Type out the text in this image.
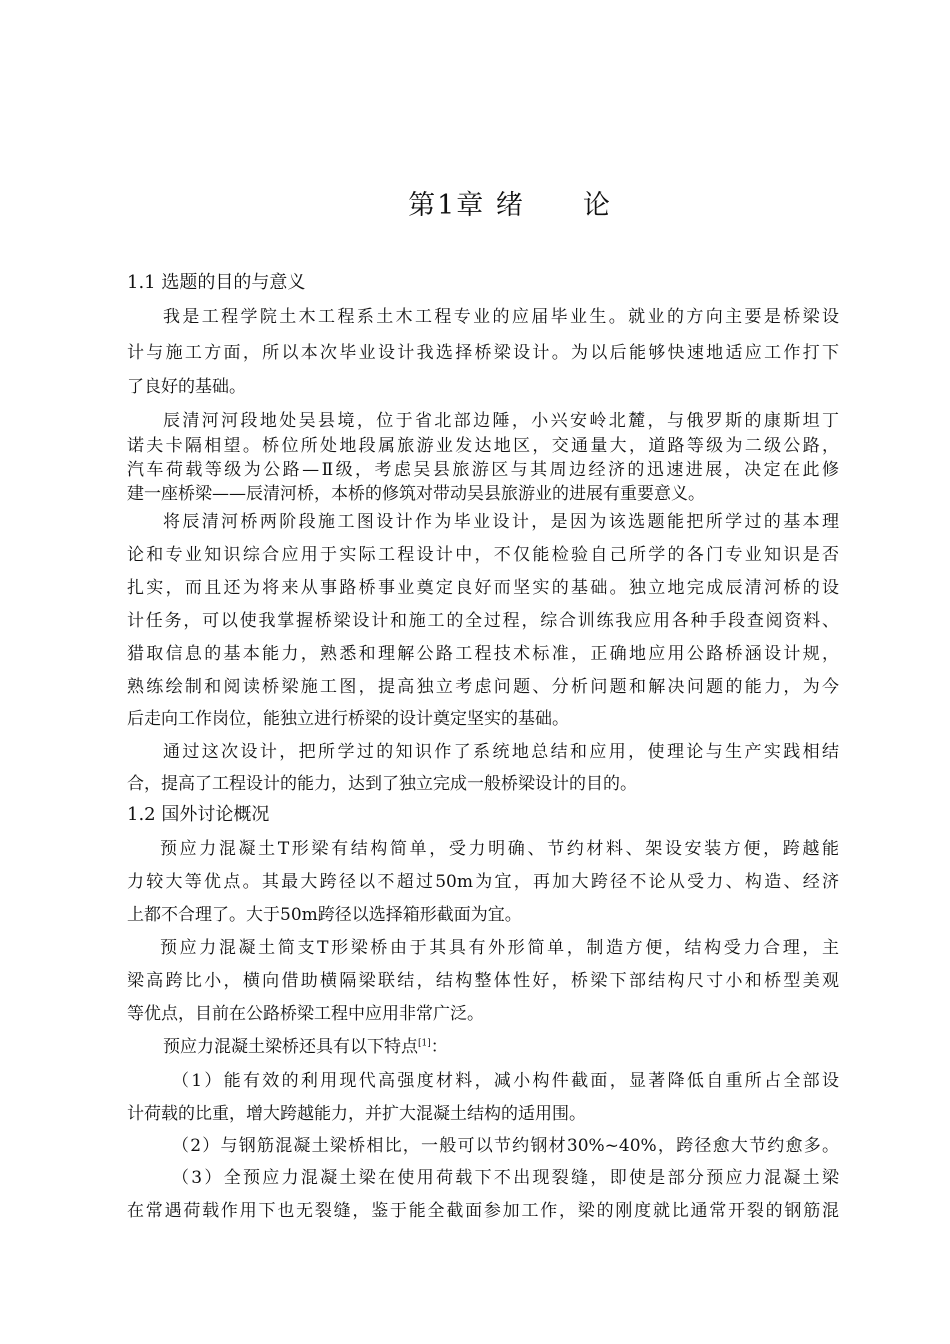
第1章 绪　　论
1.1 选题的目的与意义
我是工程学院土木工程系土木工程专业的应届毕业生。就业的方向主要是桥梁设
计与施工方面，所以本次毕业设计我选择桥梁设计。为以后能够快速地适应工作打下
了良好的基础。
辰清河河段地处吴县境，位于省北部边陲，小兴安岭北麓，与俄罗斯的康斯坦丁
诺夫卡隔相望。桥位所处地段属旅游业发达地区，交通量大，道路等级为二级公路，
汽车荷载等级为公路—Ⅱ级，考虑吴县旅游区与其周边经济的迅速进展，决定在此修
建一座桥梁——辰清河桥，本桥的修筑对带动吴县旅游业的进展有重要意义。
将辰清河桥两阶段施工图设计作为毕业设计，是因为该选题能把所学过的基本理
论和专业知识综合应用于实际工程设计中，不仅能检验自己所学的各门专业知识是否
扎实，而且还为将来从事路桥事业奠定良好而坚实的基础。独立地完成辰清河桥的设
计任务，可以使我掌握桥梁设计和施工的全过程，综合训练我应用各种手段查阅资料、
猎取信息的基本能力，熟悉和理解公路工程技术标准，正确地应用公路桥涵设计规，
熟练绘制和阅读桥梁施工图，提高独立考虑问题、分析问题和解决问题的能力，为今
后走向工作岗位，能独立进行桥梁的设计奠定坚实的基础。
通过这次设计，把所学过的知识作了系统地总结和应用，使理论与生产实践相结
合，提高了工程设计的能力，达到了独立完成一般桥梁设计的目的。
1.2 国外讨论概况
预应力混凝土T形梁有结构简单，受力明确、节约材料、架设安装方便，跨越能
力较大等优点。其最大跨径以不超过50m为宜，再加大跨径不论从受力、构造、经济
上都不合理了。大于50m跨径以选择箱形截面为宜。
预应力混凝土简支T形梁桥由于其具有外形简单，制造方便，结构受力合理，主
梁高跨比小，横向借助横隔梁联结，结构整体性好，桥梁下部结构尺寸小和桥型美观
等优点，目前在公路桥梁工程中应用非常广泛。
预应力混凝土梁桥还具有以下特点[1]：
（1）能有效的利用现代高强度材料，减小构件截面，显著降低自重所占全部设
计荷载的比重，增大跨越能力，并扩大混凝土结构的适用围。
（2）与钢筋混凝土梁桥相比，一般可以节约钢材30%~40%，跨径愈大节约愈多。
（3）全预应力混凝土梁在使用荷载下不出现裂缝，即使是部分预应力混凝土梁
在常遇荷载作用下也无裂缝，鉴于能全截面参加工作，梁的刚度就比通常开裂的钢筋混
